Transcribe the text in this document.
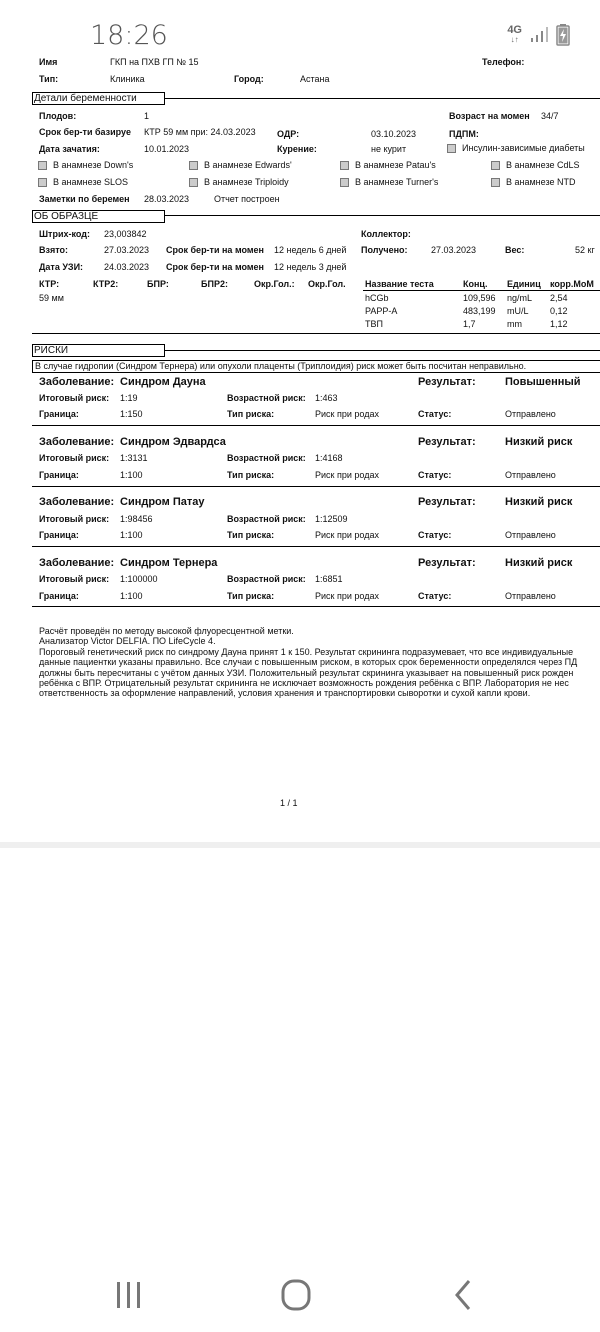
18:26	4G
↓↑
Имя	ГКП на ПХВ ГП № 15	Телефон:
Тип:	Клиника	Город:	Астана
Детали беременности
Плодов:	1	Возраст на момен 34/7
Срок бер-ти базируе КТР 59 мм при: 24.03.2023 ОДР:	03.10.2023	ПДПМ:
Дата зачатия:	10.01.2023	Курение:	не курит	Инсулин-зависимые диабеты
В анамнезе Down's	В анамнезе Edwards'	В анамнезе Patau's	В анамнезе CdLS
В анамнезе SLOS	В анамнезе Triploidy	В анамнезе Turner's	В анамнезе NTD
Заметки по беремен 28.03.2023	Отчет построен
ОБ ОБРАЗЦЕ
Штрих-код: 23,003842	Коллектор:
Взято:	27.03.2023 Срок бер-ти на момен 12 недель 6 дней Получено:	27.03.2023	Вес:	52 кг
Дата УЗИ: 24.03.2023 Срок бер-ти на момен 12 недель 3 дней
КТР:	КТР2:	БПР:	БПР2:	Окр.Гол.: Окр.Гол.
59 мм
Название теста	Конц. Единиц корр.МоМ
hCGb	109,596 ng/mL 2,54
PAPP-A	483,199 mU/L 0,12
ТВП	1,7	mm	1,12
РИСКИ
В случае гидропии (Синдром Тернера) или опухоли плаценты (Триплоидия) риск может быть посчитан неправильно.
Заболевание: Синдром Дауна	Результат:	Повышенный
Итоговый риск: 1:19	Возрастной риск: 1:463
Граница:	1:150	Тип риска:	Риск при родах	Статус:	Отправлено
Заболевание: Синдром Эдвардса	Результат:	Низкий риск
Итоговый риск: 1:3131	Возрастной риск: 1:4168
Граница:	1:100	Тип риска:	Риск при родах	Статус:	Отправлено
Заболевание: Синдром Патау	Результат:	Низкий риск
Итоговый риск: 1:98456	Возрастной риск: 1:12509
Граница:	1:100	Тип риска:	Риск при родах	Статус:	Отправлено
Заболевание: Синдром Тернера	Результат:	Низкий риск
Итоговый риск: 1:100000	Возрастной риск: 1:6851
Граница:	1:100	Тип риска:	Риск при родах	Статус:	Отправлено
Расчёт проведён по методу высокой флуоресцентной метки.
Анализатор Victor DELFIA. ПО LifeCycle 4.
Пороговый генетический риск по синдрому Дауна принят 1 к 150. Результат скрининга подразумевает, что все индивидуальные
данные пациентки указаны правильно. Все случаи с повышенным риском, в которых срок беременности определялся через ПД
должны быть пересчитаны с учётом данных УЗИ. Положительный результат скрининга указывает на повышенный риск рожден
ребёнка с ВПР. Отрицательный результат скрининга не исключает возможность рождения ребёнка с ВПР. Лаборатория не нес
ответственность за оформление направлений, условия хранения и транспортировки сыворотки и сухой капли крови.
1 / 1
